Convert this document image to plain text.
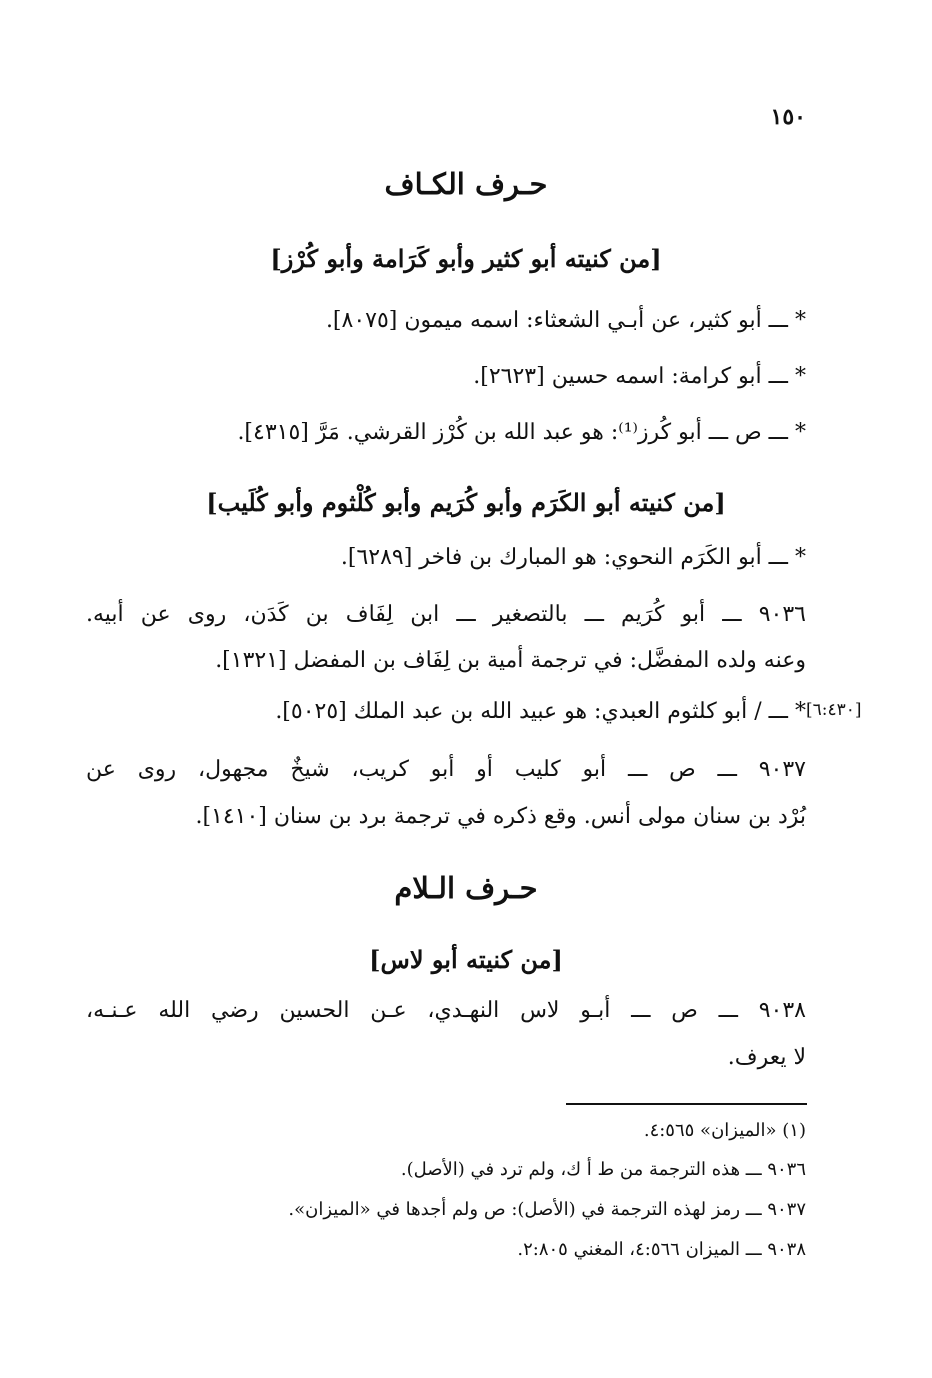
١٥٠
حـرف الكـاف
[من كنيته أبو كثير وأبو كَرَامة وأبو كُرْز]
* ـــ أبو كثير، عن أبـي الشعثاء: اسمه ميمون [٨٠٧٥].
* ـــ أبو كرامة: اسمه حسين [٢٦٢٣].
* ـــ ص ـــ أبو كُرز⁽¹⁾: هو عبد الله بن كُرْز القرشي. مَرَّ [٤٣١٥].
[من كنيته أبو الكَرَم وأبو كُرَيم وأبو كُلْثوم وأبو كُلَيب]
* ـــ أبو الكَرَم النحوي: هو المبارك بن فاخر [٦٢٨٩].
٩٠٣٦ ـــ أبو كُرَيم ـــ بالتصغير ـــ ابن لِفَاف بن كَدَن، روى عن أبيه.
وعنه ولده المفضَّل: في ترجمة أمية بن لِفَاف بن المفضل [١٣٢١].
* ـــ / أبو كلثوم العبدي: هو عبيد الله بن عبد الملك [٥٠٢٥]. [٦:٤٣٠]
٩٠٣٧ ـــ ص ـــ أبو كليب أو أبو كريب، شيخٌ مجهول، روى عن
بُرْد بن سنان مولى أنس. وقع ذكره في ترجمة برد بن سنان [١٤١٠].
حـرف الـلام
[من كنيته أبو لاس]
٩٠٣٨ ـــ ص ـــ أبـو لاس النهـدي، عـن الحسين رضي الله عـنـه،
لا يعرف.
(١) «الميزان» ٤:٥٦٥.
٩٠٣٦ ـــ هذه الترجمة من ط أ ك، ولم ترد في (الأصل).
٩٠٣٧ ـــ رمز لهذه الترجمة في (الأصل): ص ولم أجدها في «الميزان».
٩٠٣٨ ـــ الميزان ٤:٥٦٦، المغني ٢:٨٠٥.
